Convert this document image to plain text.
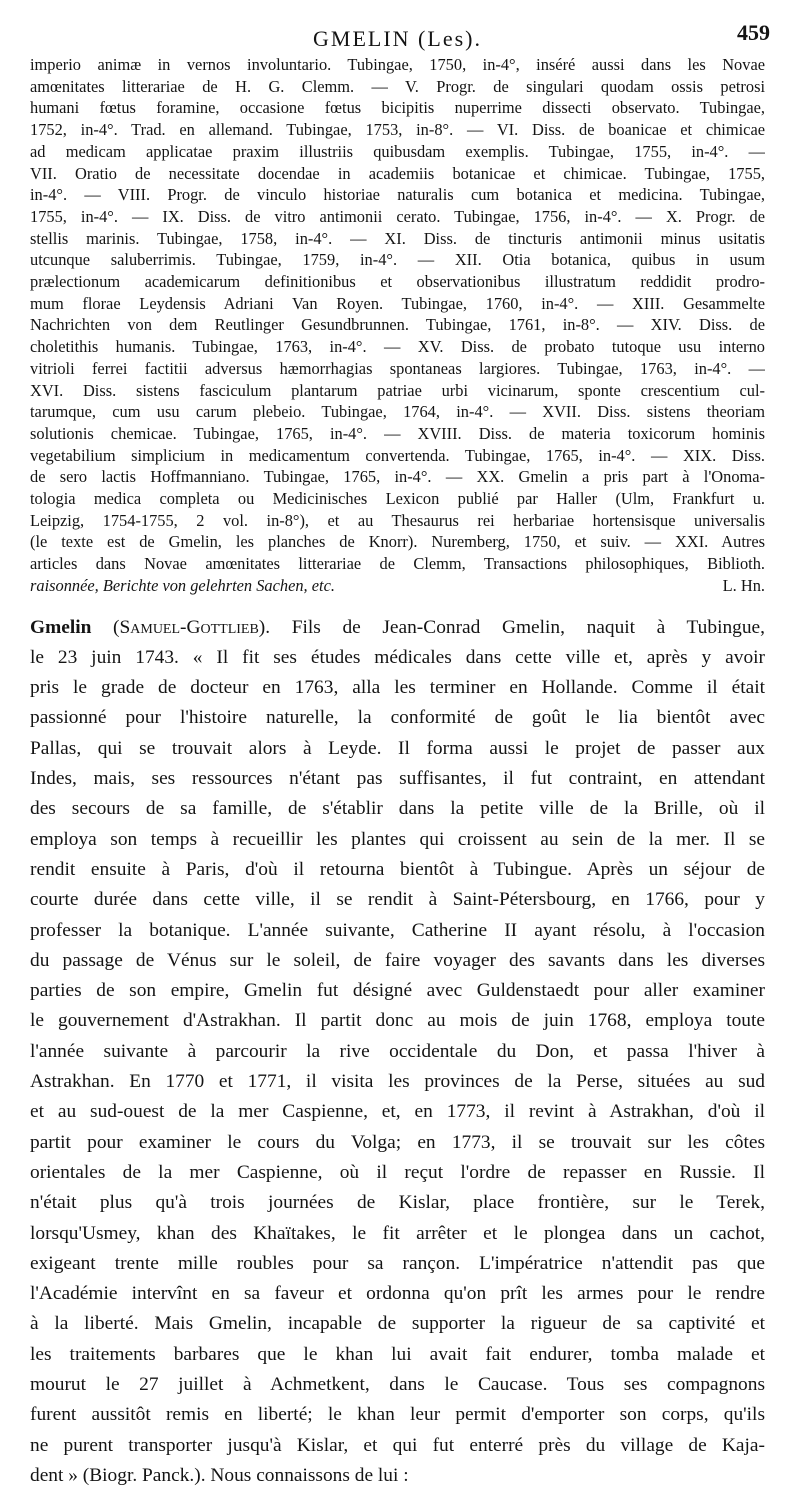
GMELIN (Les).	459
imperio animæ in vernos involuntario. Tubingae, 1750, in-4°, inséré aussi dans les Novae
amœnitates litterariae de H. G. Clemm. — V. Progr. de singulari quodam ossis petrosi
humani fœtus foramine, occasione fœtus bicipitis nuperrime dissecti observato. Tubingae,
1752, in-4°. Trad. en allemand. Tubingae, 1753, in-8°. — VI. Diss. de boanicae et chimicae
ad medicam applicatae praxim illustriis quibusdam exemplis. Tubingae, 1755, in-4°. —
VII. Oratio de necessitate docendae in academiis botanicae et chimicae. Tubingae, 1755,
in-4°. — VIII. Progr. de vinculo historiae naturalis cum botanica et medicina. Tubingae,
1755, in-4°. — IX. Diss. de vitro antimonii cerato. Tubingae, 1756, in-4°. — X. Progr. de
stellis marinis. Tubingae, 1758, in-4°. — XI. Diss. de tincturis antimonii minus usitatis
utcunque saluberrimis. Tubingae, 1759, in-4°. — XII. Otia botanica, quibus in usum
prælectionum academicarum definitionibus et observationibus illustratum reddidit prodro-
mum florae Leydensis Adriani Van Royen. Tubingae, 1760, in-4°. — XIII. Gesammelte
Nachrichten von dem Reutlinger Gesundbrunnen. Tubingae, 1761, in-8°. — XIV. Diss. de
choletithis humanis. Tubingae, 1763, in-4°. — XV. Diss. de probato tutoque usu interno
vitrioli ferrei factitii adversus hæmorrhagias spontaneas largiores. Tubingae, 1763, in-4°. —
XVI. Diss. sistens fasciculum plantarum patriae urbi vicinarum, sponte crescentium cul-
tarumque, cum usu carum plebeio. Tubingae, 1764, in-4°. — XVII. Diss. sistens theoriam
solutionis chemicae. Tubingae, 1765, in-4°. — XVIII. Diss. de materia toxicorum hominis
vegetabilium simplicium in medicamentum convertenda. Tubingae, 1765, in-4°. — XIX. Diss.
de sero lactis Hoffmanniano. Tubingae, 1765, in-4°. — XX. Gmelin a pris part à l'Onoma-
tologia medica completa ou Medicinisches Lexicon publié par Haller (Ulm, Frankfurt u.
Leipzig, 1754-1755, 2 vol. in-8°), et au Thesaurus rei herbariae hortensisque universalis
(le texte est de Gmelin, les planches de Knorr). Nuremberg, 1750, et suiv. — XXI. Autres
articles dans Novae amœnitates litterariae de Clemm, Transactions philosophiques, Biblioth.
raisonnée, Berichte von gelehrten Sachen, etc.	L. Hn.
Gmelin (Samuel-Gottlieb). Fils de Jean-Conrad Gmelin, naquit à Tubingue,
le 23 juin 1743. « Il fit ses études médicales dans cette ville et, après y avoir
pris le grade de docteur en 1763, alla les terminer en Hollande. Comme il était
passionné pour l'histoire naturelle, la conformité de goût le lia bientôt avec
Pallas, qui se trouvait alors à Leyde. Il forma aussi le projet de passer aux
Indes, mais, ses ressources n'étant pas suffisantes, il fut contraint, en attendant
des secours de sa famille, de s'établir dans la petite ville de la Brille, où il
employa son temps à recueillir les plantes qui croissent au sein de la mer. Il se
rendit ensuite à Paris, d'où il retourna bientôt à Tubingue. Après un séjour de
courte durée dans cette ville, il se rendit à Saint-Pétersbourg, en 1766, pour y
professer la botanique. L'année suivante, Catherine II ayant résolu, à l'occasion
du passage de Vénus sur le soleil, de faire voyager des savants dans les diverses
parties de son empire, Gmelin fut désigné avec Guldenstaedt pour aller examiner
le gouvernement d'Astrakhan. Il partit donc au mois de juin 1768, employa toute
l'année suivante à parcourir la rive occidentale du Don, et passa l'hiver à
Astrakhan. En 1770 et 1771, il visita les provinces de la Perse, situées au sud
et au sud-ouest de la mer Caspienne, et, en 1773, il revint à Astrakhan, d'où il
partit pour examiner le cours du Volga; en 1773, il se trouvait sur les côtes
orientales de la mer Caspienne, où il reçut l'ordre de repasser en Russie. Il
n'était plus qu'à trois journées de Kislar, place frontière, sur le Terek,
lorsqu'Usmey, khan des Khaïtakes, le fit arrêter et le plongea dans un cachot,
exigeant trente mille roubles pour sa rançon. L'impératrice n'attendit pas que
l'Académie intervînt en sa faveur et ordonna qu'on prît les armes pour le rendre
à la liberté. Mais Gmelin, incapable de supporter la rigueur de sa captivité et
les traitements barbares que le khan lui avait fait endurer, tomba malade et
mourut le 27 juillet à Achmetkent, dans le Caucase. Tous ses compagnons
furent aussitôt remis en liberté; le khan leur permit d'emporter son corps, qu'ils
ne purent transporter jusqu'à Kislar, et qui fut enterré près du village de Kaja-
dent » (Biogr. Panck.). Nous connaissons de lui :
